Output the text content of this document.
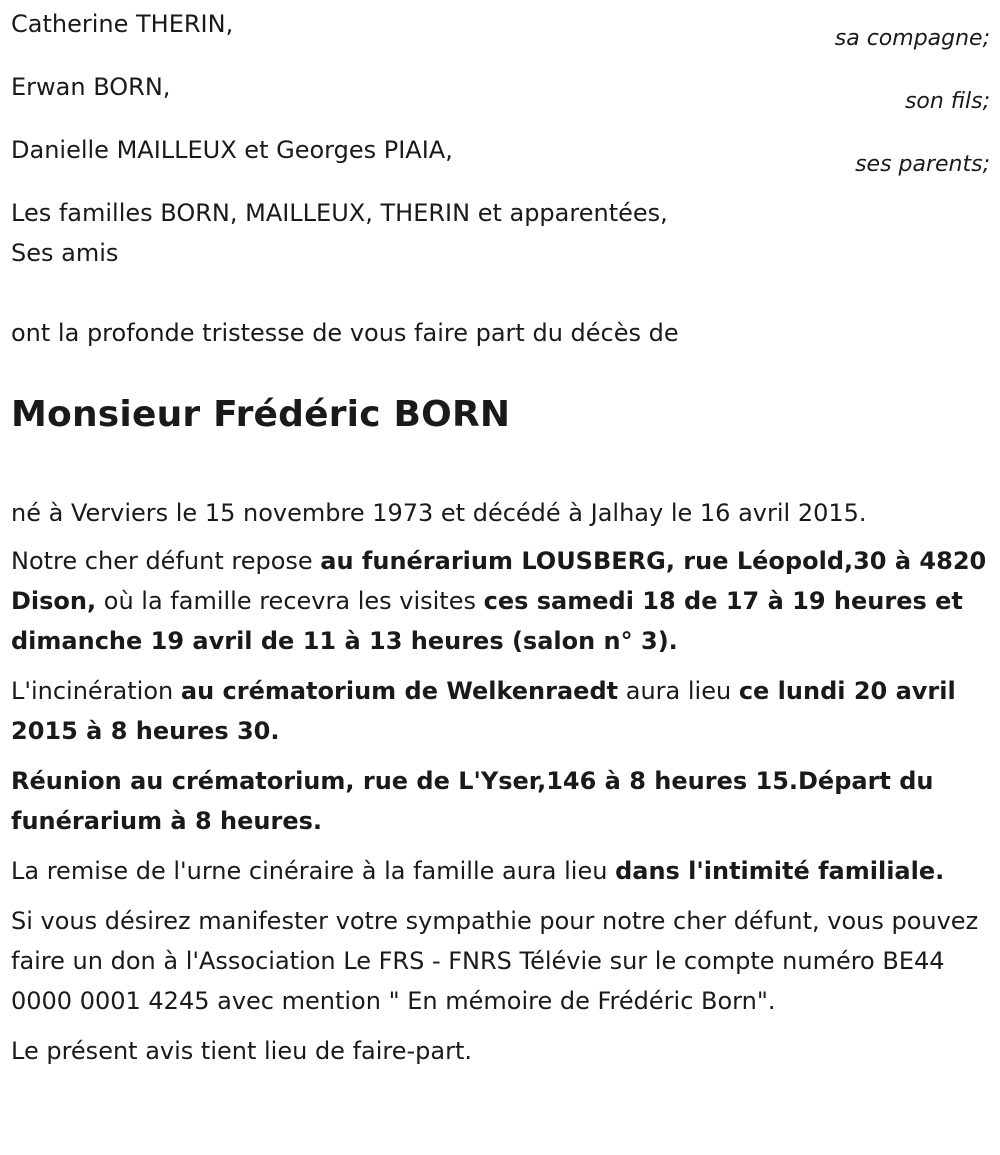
Catherine THERIN,
sa compagne;
Erwan BORN,
son fils;
Danielle MAILLEUX et Georges PIAIA,
ses parents;
Les familles BORN, MAILLEUX, THERIN et apparentées,
Ses amis
ont la profonde tristesse de vous faire part du décès de
Monsieur Frédéric BORN
né à Verviers le 15 novembre 1973 et décédé à Jalhay le 16 avril 2015.

Notre cher défunt repose au funérarium LOUSBERG, rue Léopold,30 à 4820 Dison, où la famille recevra les visites ces samedi 18 de 17 à 19 heures et dimanche 19 avril de 11 à 13 heures (salon n° 3).

L'incinération au crématorium de Welkenraedt aura lieu ce lundi 20 avril 2015 à 8 heures 30.

Réunion au crématorium, rue de L'Yser,146 à 8 heures 15.Départ du funérarium à 8 heures.

La remise de l'urne cinéraire à la famille aura lieu dans l'intimité familiale.

Si vous désirez manifester votre sympathie pour notre cher défunt, vous pouvez faire un don à l'Association Le FRS - FNRS Télévie sur le compte numéro BE44 0000 0001 4245 avec mention " En mémoire de Frédéric Born".

Le présent avis tient lieu de faire-part.
